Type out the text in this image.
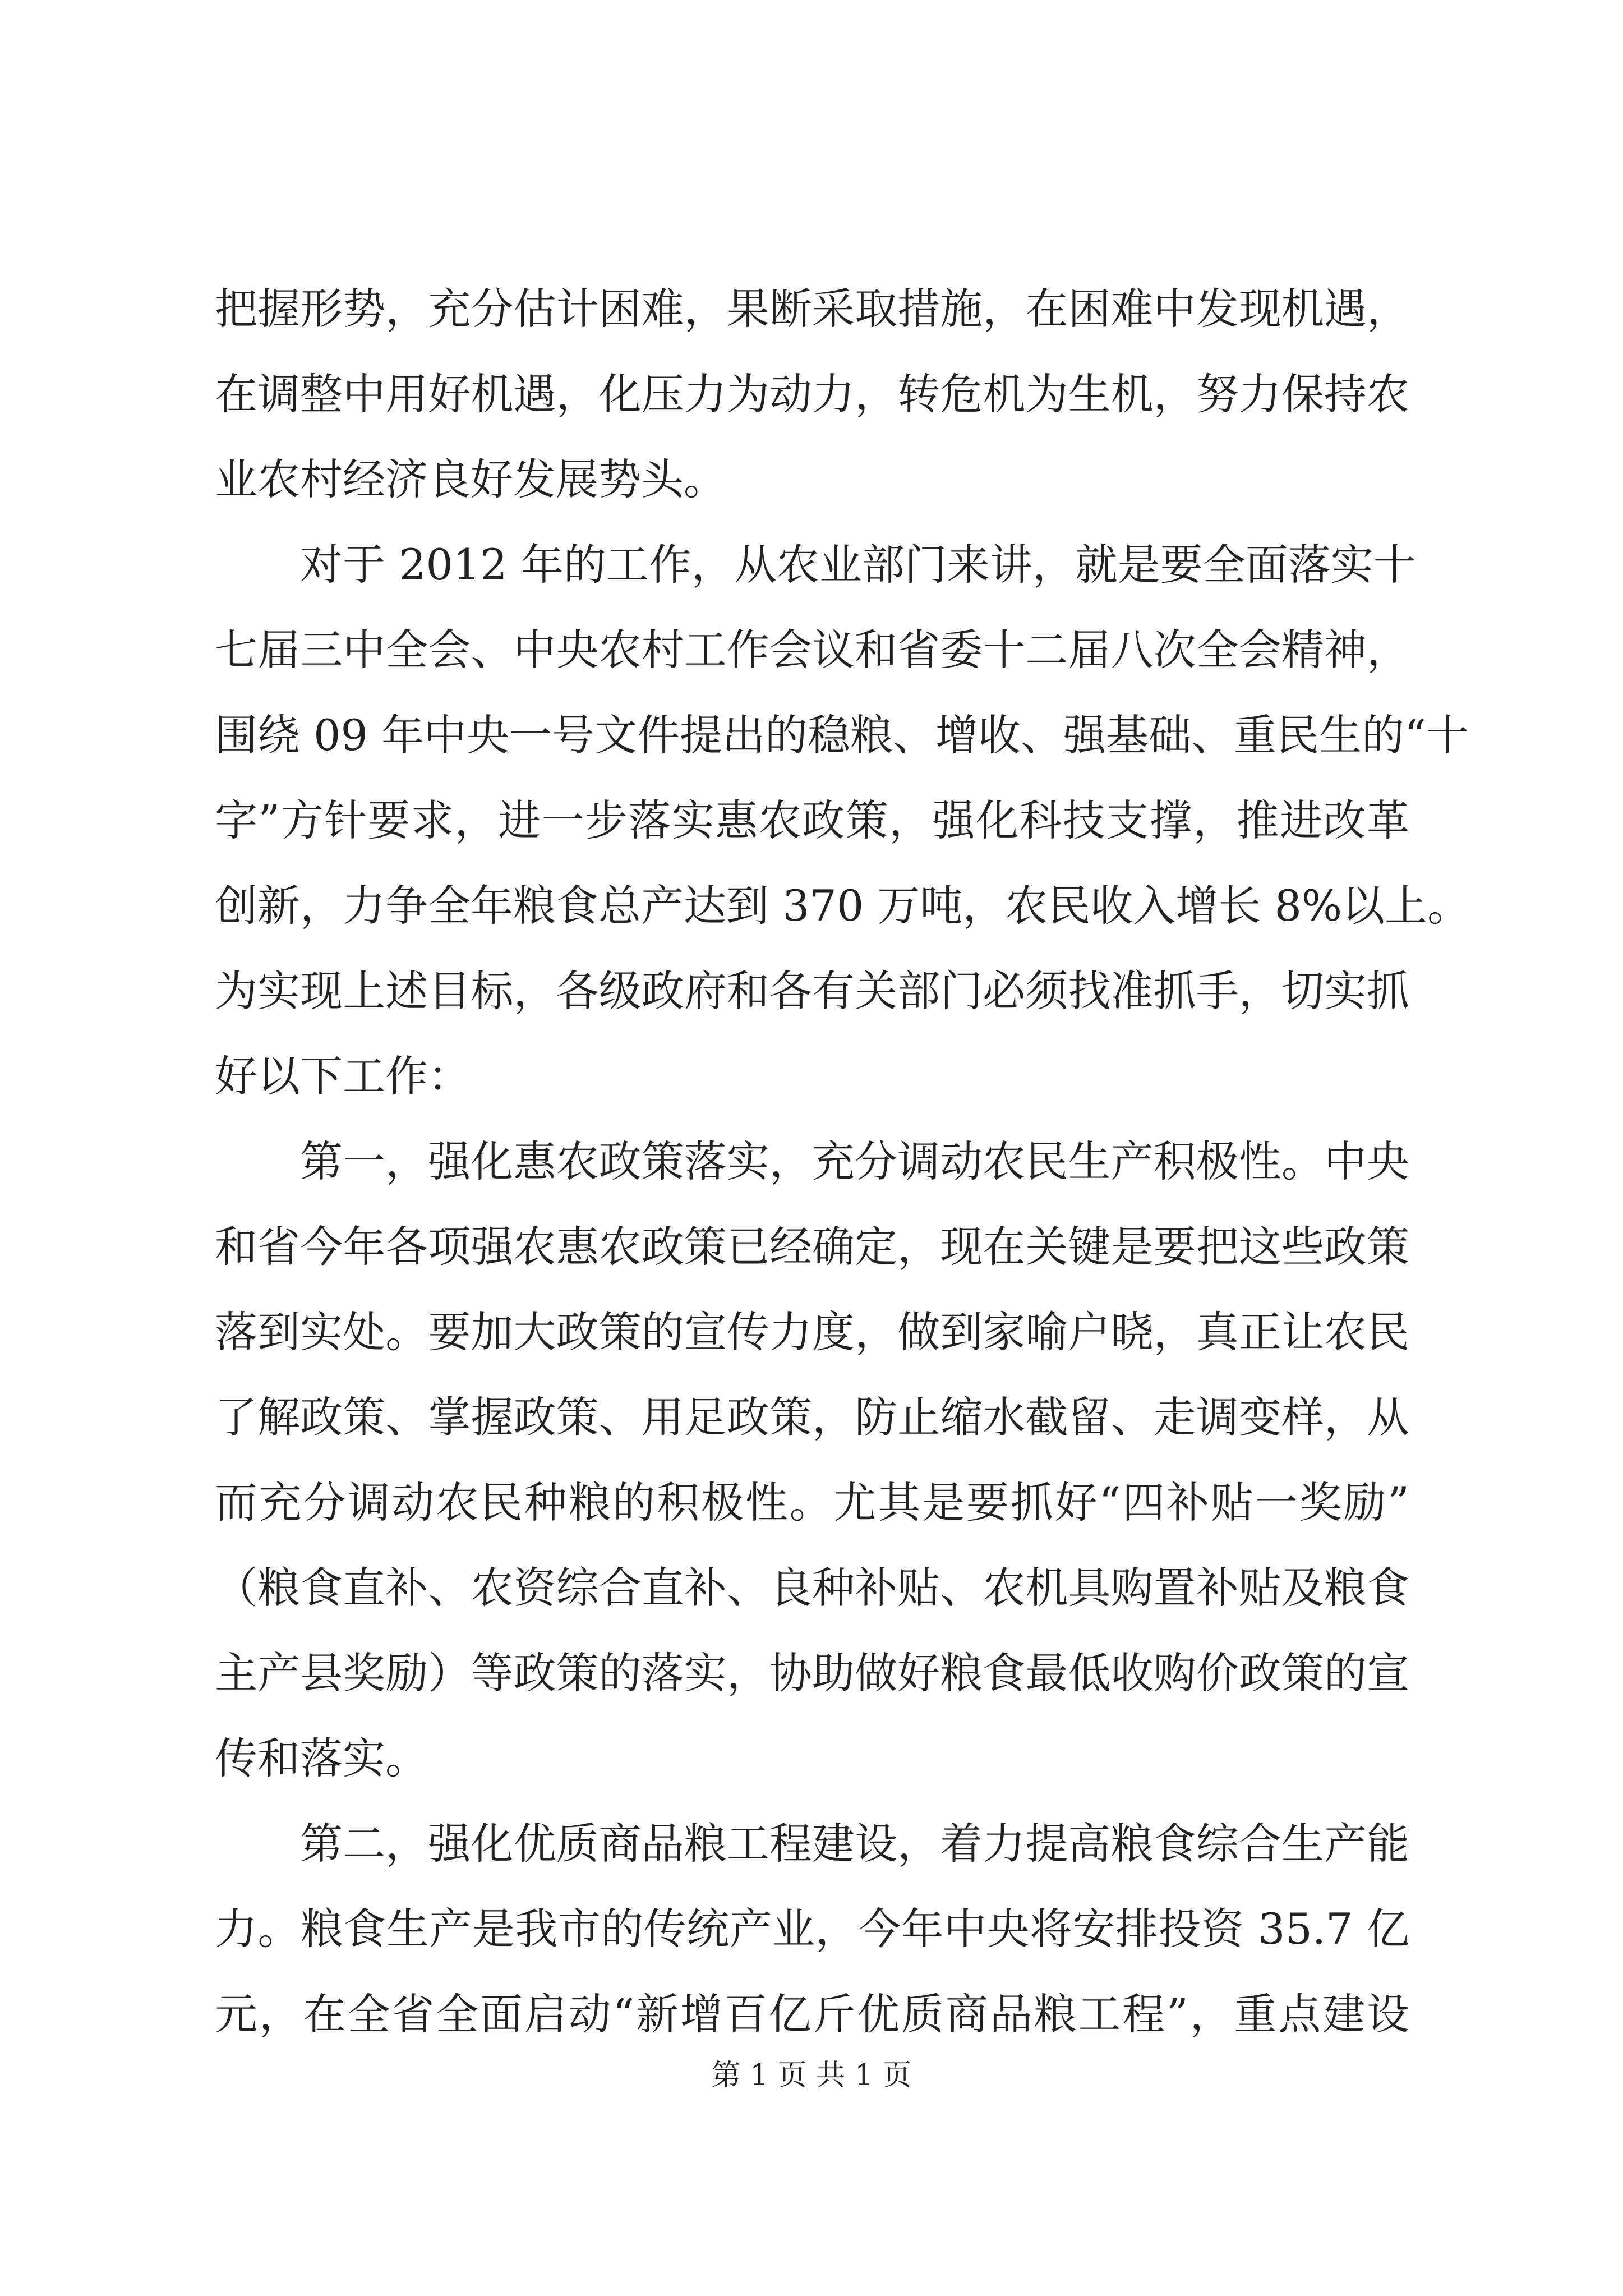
把握形势，充分估计困难，果断采取措施，在困难中发现机遇，
在调整中用好机遇，化压力为动力，转危机为生机，努力保持农
业农村经济良好发展势头。
对于 2012 年的工作，从农业部门来讲，就是要全面落实十
七届三中全会、中央农村工作会议和省委十二届八次全会精神，
围绕 09 年中央一号文件提出的稳粮、增收、强基础、重民生的“十
字”方针要求，进一步落实惠农政策，强化科技支撑，推进改革
创新，力争全年粮食总产达到 370 万吨，农民收入增长 8%以上。
为实现上述目标，各级政府和各有关部门必须找准抓手，切实抓
好以下工作：
第一，强化惠农政策落实，充分调动农民生产积极性。中央
和省今年各项强农惠农政策已经确定，现在关键是要把这些政策
落到实处。要加大政策的宣传力度，做到家喻户晓，真正让农民
了解政策、掌握政策、用足政策，防止缩水截留、走调变样，从
而充分调动农民种粮的积极性。尤其是要抓好“四补贴一奖励”
（粮食直补、农资综合直补、良种补贴、农机具购置补贴及粮食
主产县奖励）等政策的落实，协助做好粮食最低收购价政策的宣
传和落实。
第二，强化优质商品粮工程建设，着力提高粮食综合生产能
力。粮食生产是我市的传统产业，今年中央将安排投资 35.7 亿
元，在全省全面启动“新增百亿斤优质商品粮工程”，重点建设
第 1 页 共 1 页
